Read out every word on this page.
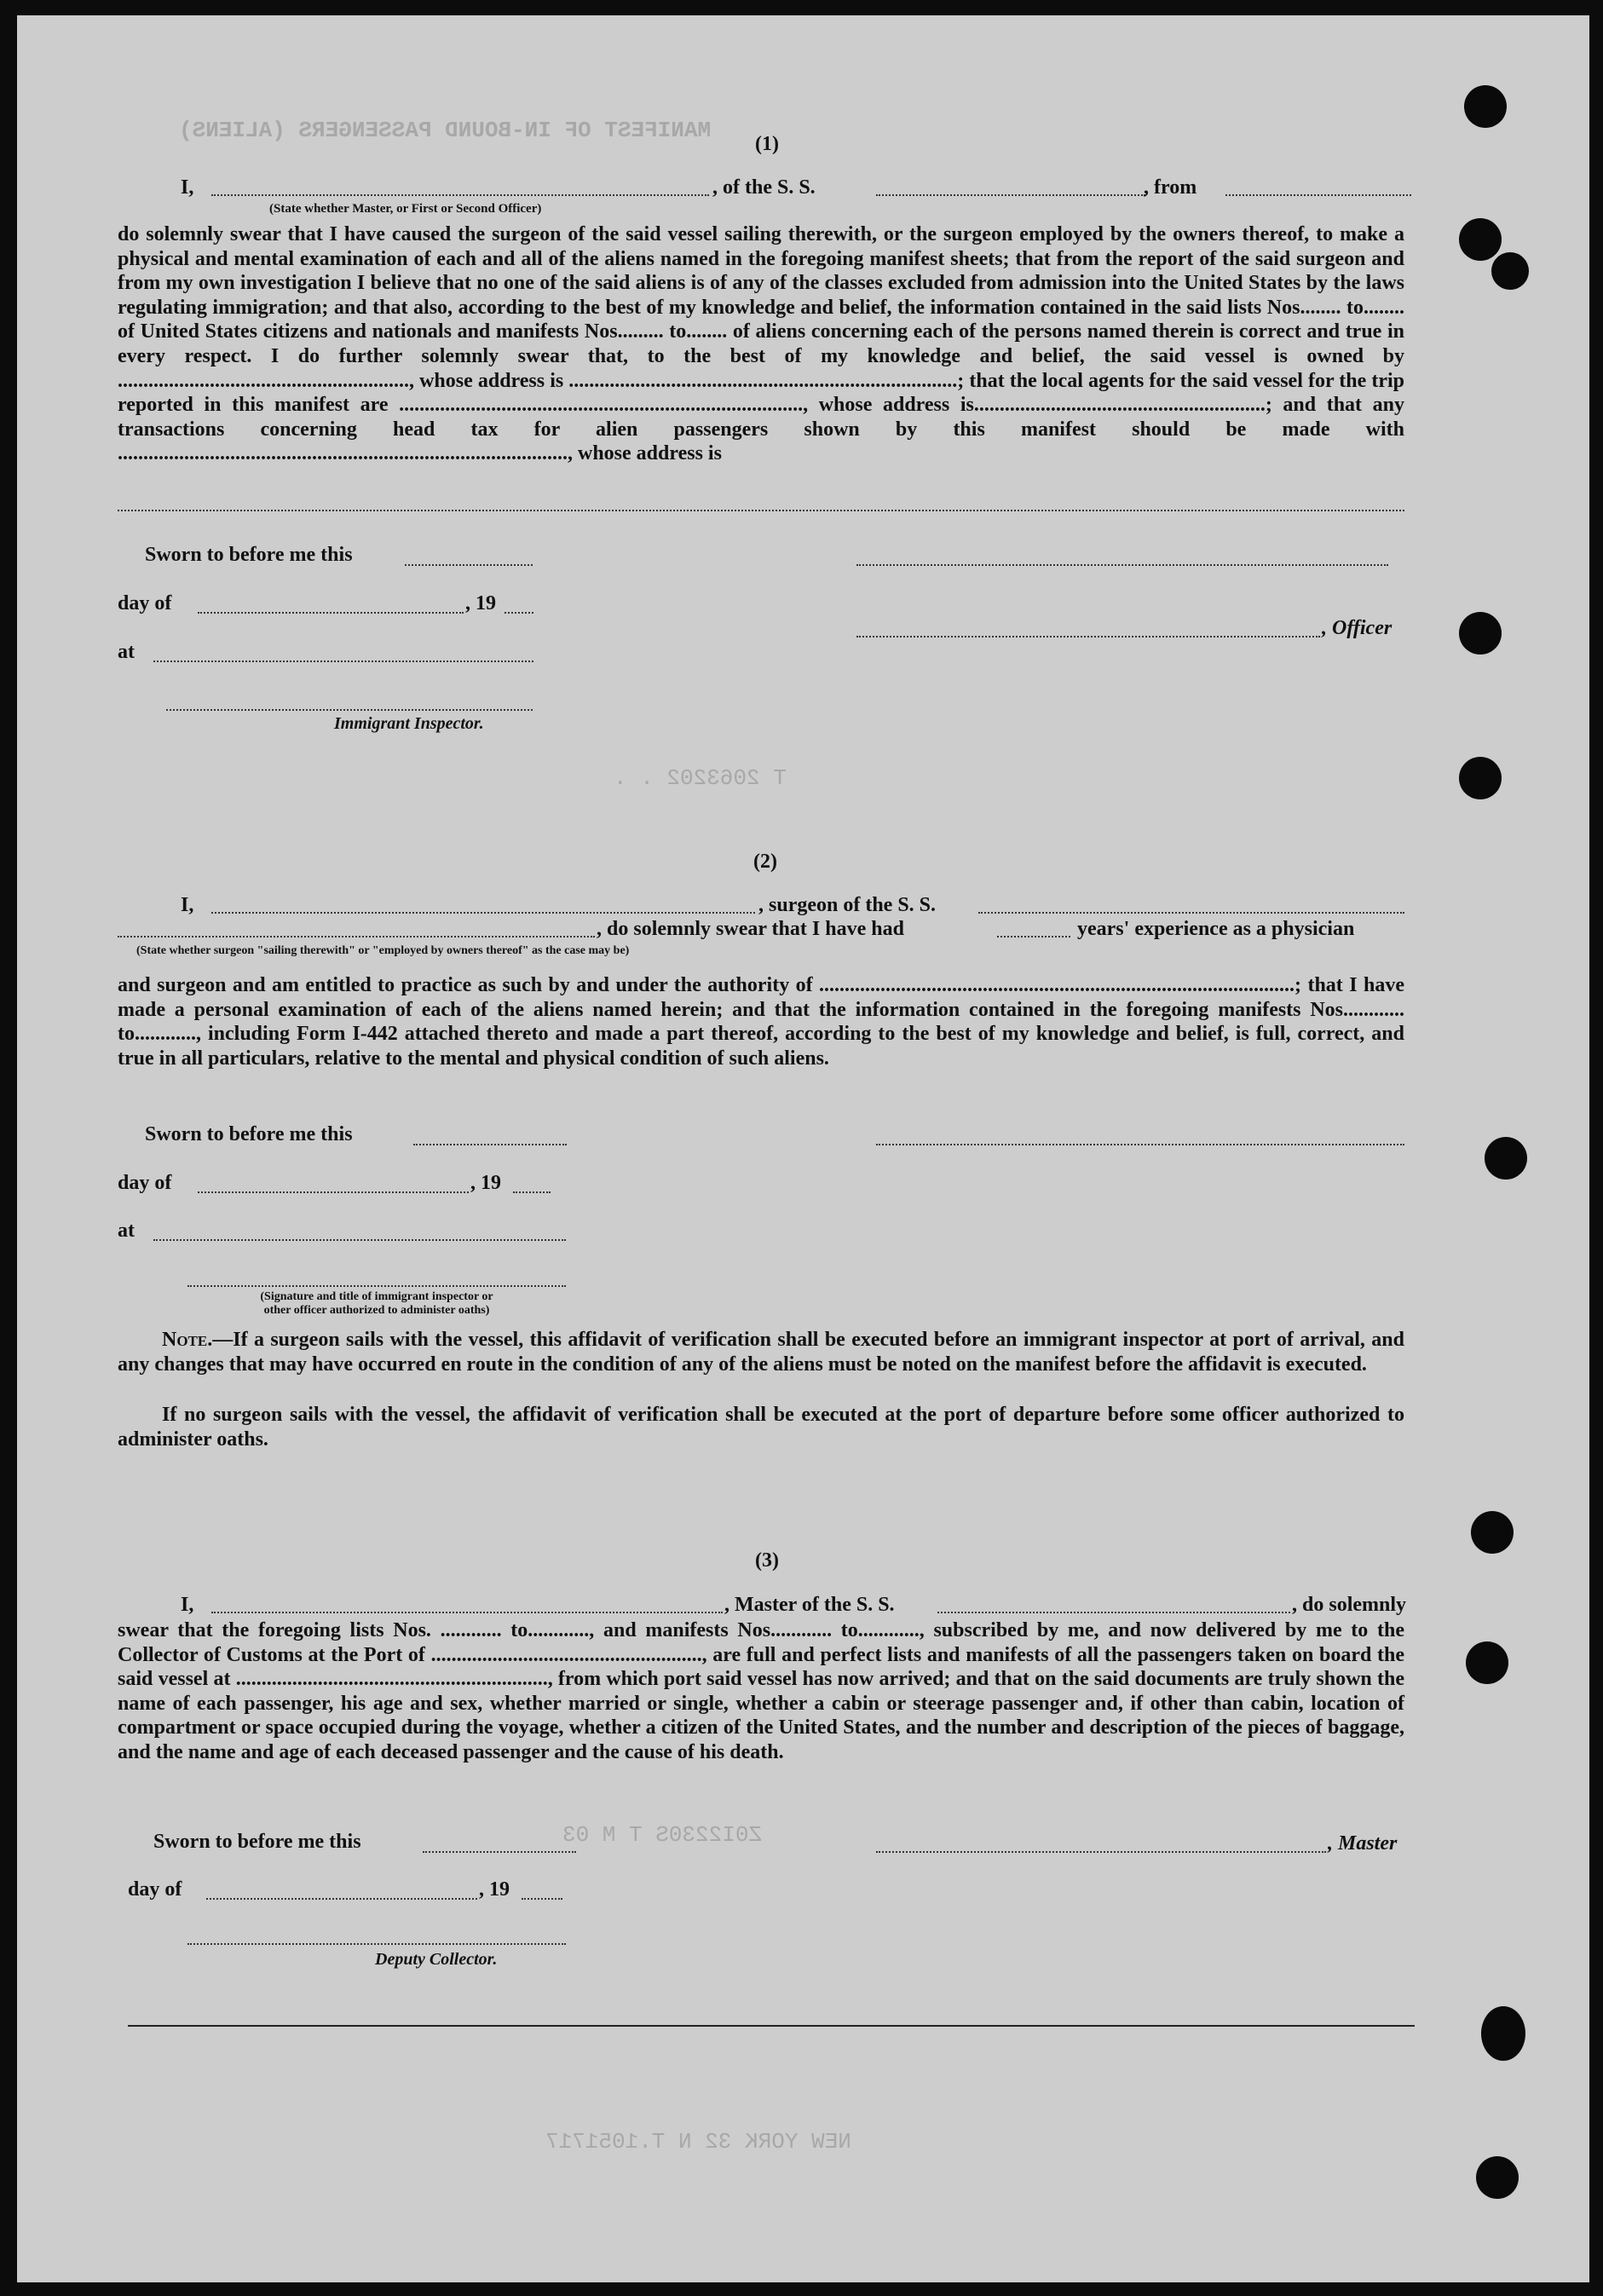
MANIFEST OF IN-BOUND PASSENGERS (ALIENS)
T 2063202 . .
Z0I2230S T M 03
NEW YORK 32 N T.1051717
(1)
I,	, of the S. S.	, from
(State whether Master, or First or Second Officer)
do solemnly swear that I have caused the surgeon of the said vessel sailing therewith, or the surgeon employed by the owners thereof, to make a physical and mental examination of each and all of the aliens named in the foregoing manifest sheets; that from the report of the said surgeon and from my own investigation I believe that no one of the said aliens is of any of the classes excluded from admission into the United States by the laws regulating immigration; and that also, according to the best of my knowledge and belief, the information contained in the said lists Nos........ to........ of United States citizens and nationals and manifests Nos......... to........ of aliens concerning each of the persons named therein is correct and true in every respect. I do further solemnly swear that, to the best of my knowledge and belief, the said vessel is owned by ........................................................., whose address is ............................................................................; that the local agents for the said vessel for the trip reported in this manifest are ..............................................................................., whose address is.........................................................; and that any transactions concerning head tax for alien passengers shown by this manifest should be made with ........................................................................................, whose address is
Sworn to before me this
day of	, 19
, Officer
at
Immigrant Inspector.
(2)
I,	, surgeon of the S. S.
, do solemnly swear that I have had	years' experience as a physician
(State whether surgeon "sailing therewith" or "employed by owners thereof" as the case may be)
and surgeon and am entitled to practice as such by and under the authority of .............................................................................................; that I have made a personal examination of each of the aliens named herein; and that the information contained in the foregoing manifests Nos............ to............, including Form I-442 attached thereto and made a part thereof, according to the best of my knowledge and belief, is full, correct, and true in all particulars, relative to the mental and physical condition of such aliens.
Sworn to before me this
day of	, 19
at
(Signature and title of immigrant inspector or
other officer authorized to administer oaths)
Note.—If a surgeon sails with the vessel, this affidavit of verification shall be executed before an immigrant inspector at port of arrival, and any changes that may have occurred en route in the condition of any of the aliens must be noted on the manifest before the affidavit is executed.
If no surgeon sails with the vessel, the affidavit of verification shall be executed at the port of departure before some officer authorized to administer oaths.
(3)
I,	, Master of the S. S.	, do solemnly
swear that the foregoing lists Nos. ............ to............, and manifests Nos............ to............, subscribed by me, and now delivered by me to the Collector of Customs at the Port of ....................................................., are full and perfect lists and manifests of all the passengers taken on board the said vessel at ............................................................., from which port said vessel has now arrived; and that on the said documents are truly shown the name of each passenger, his age and sex, whether married or single, whether a cabin or steerage passenger and, if other than cabin, location of compartment or space occupied during the voyage, whether a citizen of the United States, and the number and description of the pieces of baggage, and the name and age of each deceased passenger and the cause of his death.
Sworn to before me this	, Master
day of	, 19
Deputy Collector.
